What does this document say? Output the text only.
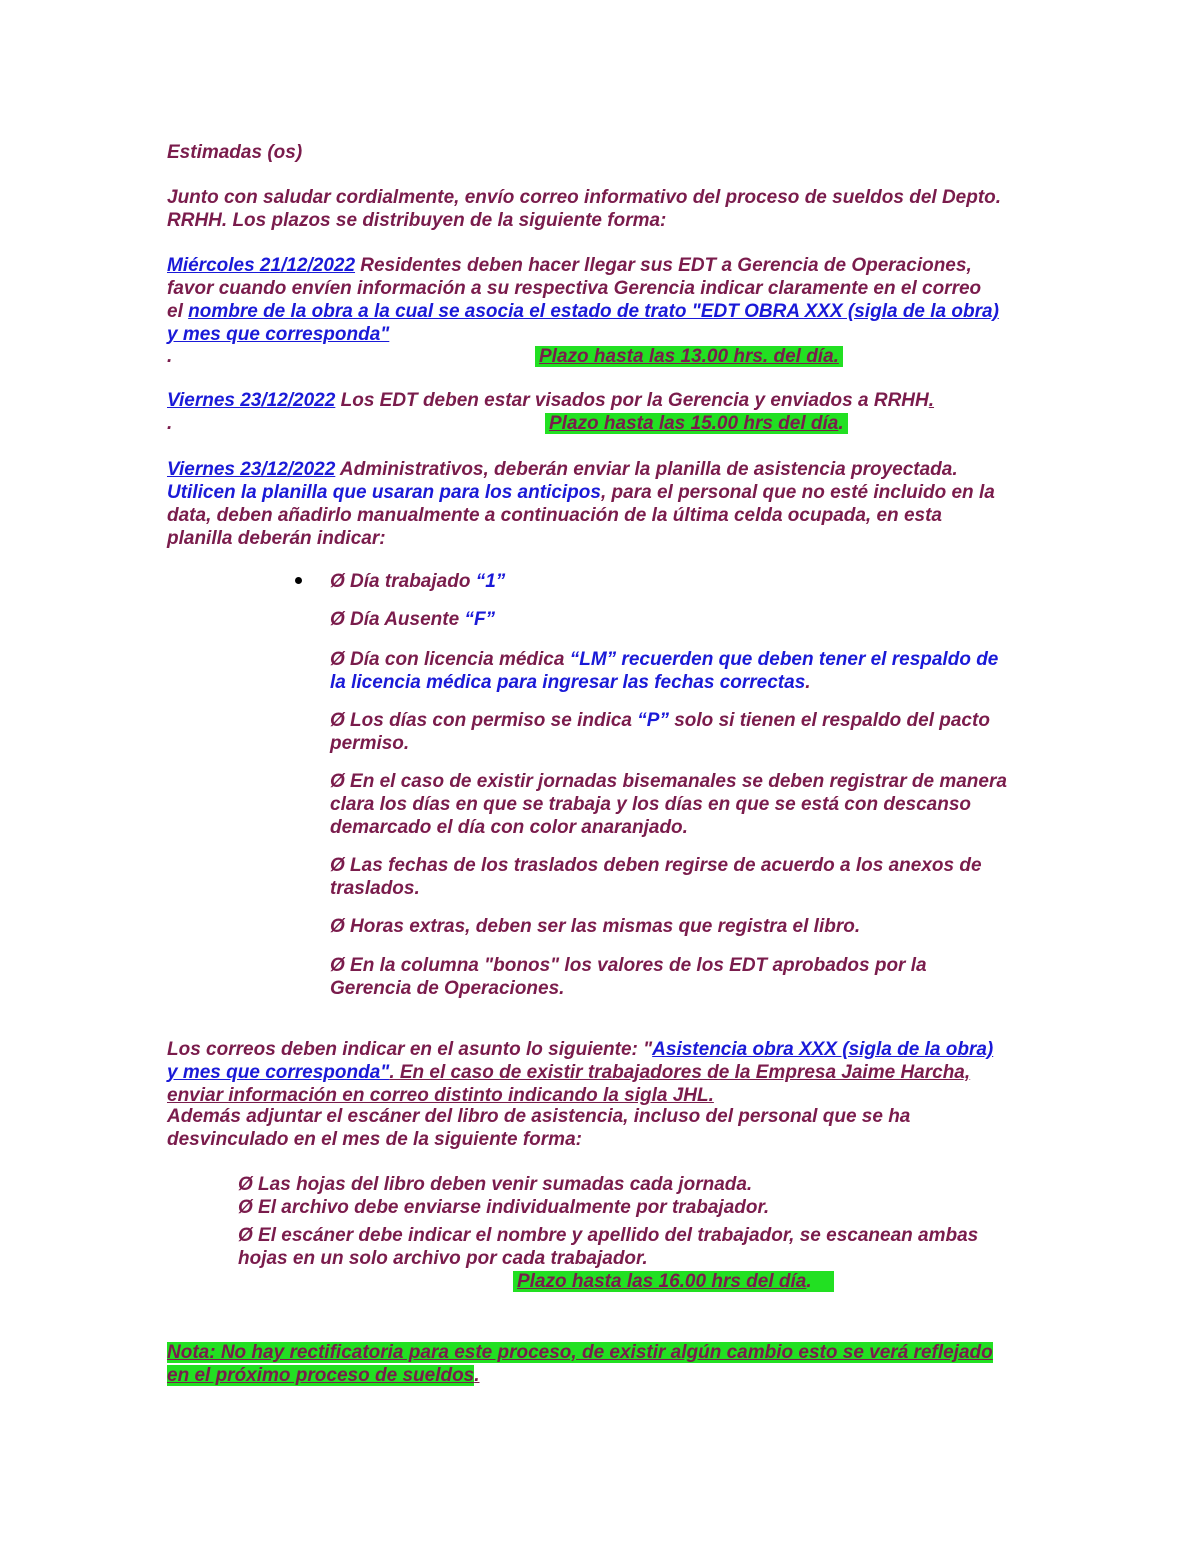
Estimadas (os)
Junto con saludar cordialmente, envío correo informativo del proceso de sueldos del Depto.
RRHH. Los plazos se distribuyen de la siguiente forma:
Miércoles 21/12/2022 Residentes deben hacer llegar sus EDT a Gerencia de Operaciones,
favor cuando envíen información a su respectiva Gerencia indicar claramente en el correo
el nombre de la obra a la cual se asocia el estado de trato "EDT OBRA XXX (sigla de la obra)
y mes que corresponda"
.	Plazo hasta las 13.00 hrs. del día.
Viernes 23/12/2022 Los EDT deben estar visados por la Gerencia y enviados a RRHH.
.	Plazo hasta las 15.00 hrs del día.
Viernes 23/12/2022 Administrativos, deberán enviar la planilla de asistencia proyectada.
Utilicen la planilla que usaran para los anticipos, para el personal que no esté incluido en la
data, deben añadirlo manualmente a continuación de la última celda ocupada, en esta
planilla deberán indicar:
Ø Día trabajado “1”
Ø Día Ausente “F”
Ø Día con licencia médica “LM” recuerden que deben tener el respaldo de
la licencia médica para ingresar las fechas correctas.
Ø Los días con permiso se indica “P” solo si tienen el respaldo del pacto
permiso.
Ø En el caso de existir jornadas bisemanales se deben registrar de manera
clara los días en que se trabaja y los días en que se está con descanso
demarcado el día con color anaranjado.
Ø Las fechas de los traslados deben regirse de acuerdo a los anexos de
traslados.
Ø Horas extras, deben ser las mismas que registra el libro.
Ø En la columna "bonos" los valores de los EDT aprobados por la
Gerencia de Operaciones.
Los correos deben indicar en el asunto lo siguiente: "Asistencia obra XXX (sigla de la obra)
y mes que corresponda". En el caso de existir trabajadores de la Empresa Jaime Harcha,
enviar información en correo distinto indicando la sigla JHL.
Además adjuntar el escáner del libro de asistencia, incluso del personal que se ha
desvinculado en el mes de la siguiente forma:
Ø Las hojas del libro deben venir sumadas cada jornada.
Ø El archivo debe enviarse individualmente por trabajador.
Ø El escáner debe indicar el nombre y apellido del trabajador, se escanean ambas
hojas en un solo archivo por cada trabajador.
Plazo hasta las 16.00 hrs del día.
Nota: No hay rectificatoria para este proceso, de existir algún cambio esto se verá reflejado
en el próximo proceso de sueldos.
